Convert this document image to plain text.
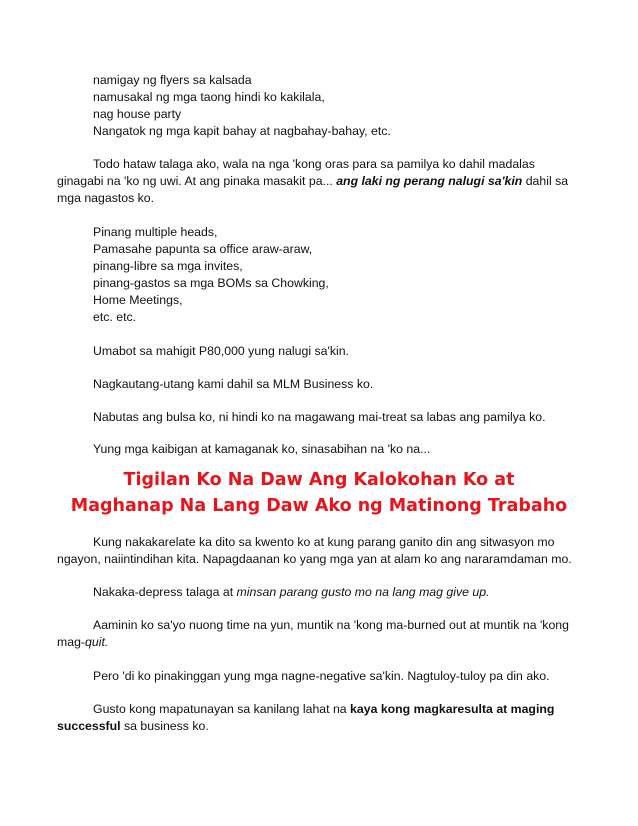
namigay ng flyers sa kalsada
namusakal ng mga taong hindi ko kakilala,
nag house party
Nangatok ng mga kapit bahay at nagbahay-bahay, etc.
Todo hataw talaga ako, wala na nga 'kong oras para sa pamilya ko dahil madalas
ginagabi na 'ko ng uwi. At ang pinaka masakit pa... ang laki ng perang nalugi sa'kin dahil sa
mga nagastos ko.
Pinang multiple heads,
Pamasahe papunta sa office araw-araw,
pinang-libre sa mga invites,
pinang-gastos sa mga BOMs sa Chowking,
Home Meetings,
etc. etc.
Umabot sa mahigit P80,000 yung nalugi sa'kin.
Nagkautang-utang kami dahil sa MLM Business ko.
Nabutas ang bulsa ko, ni hindi ko na magawang mai-treat sa labas ang pamilya ko.
Yung mga kaibigan at kamaganak ko, sinasabihan na 'ko na...
Tigilan Ko Na Daw Ang Kalokohan Ko at
Maghanap Na Lang Daw Ako ng Matinong Trabaho
Kung nakakarelate ka dito sa kwento ko at kung parang ganito din ang sitwasyon mo
ngayon, naiintindihan kita. Napagdaanan ko yang mga yan at alam ko ang nararamdaman mo.
Nakaka-depress talaga at minsan parang gusto mo na lang mag give up.
Aaminin ko sa'yo nuong time na yun, muntik na 'kong ma-burned out at muntik na 'kong
mag-quit.
Pero 'di ko pinakinggan yung mga nagne-negative sa'kin. Nagtuloy-tuloy pa din ako.
Gusto kong mapatunayan sa kanilang lahat na kaya kong magkaresulta at maging
successful sa business ko.
